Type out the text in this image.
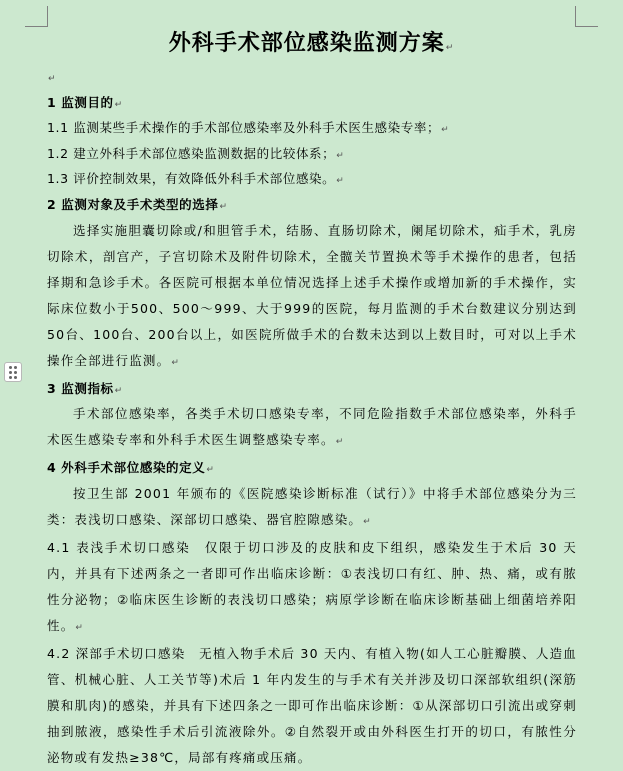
外科手术部位感染监测方案↵
↵
1 监测目的↵
1.1 监测某些手术操作的手术部位感染率及外科手术医生感染专率；↵
1.2 建立外科手术部位感染监测数据的比较体系；↵
1.3 评价控制效果，有效降低外科手术部位感染。↵
2 监测对象及手术类型的选择↵
选择实施胆囊切除或/和胆管手术，结肠、直肠切除术，阑尾切除术，疝手术，乳房切除术，剖宫产，子宫切除术及附件切除术，全髋关节置换术等手术操作的患者，包括择期和急诊手术。各医院可根据本单位情况选择上述手术操作或增加新的手术操作，实际床位数小于500、500～999、大于999的医院，每月监测的手术台数建议分别达到50台、100台、200台以上，如医院所做手术的台数未达到以上数目时，可对以上手术操作全部进行监测。↵
3 监测指标↵
手术部位感染率，各类手术切口感染专率，不同危险指数手术部位感染率，外科手术医生感染专率和外科手术医生调整感染专率。↵
4 外科手术部位感染的定义↵
按卫生部 2001 年颁布的《医院感染诊断标准（试行）》中将手术部位感染分为三类：表浅切口感染、深部切口感染、器官腔隙感染。↵
4.1 表浅手术切口感染　仅限于切口涉及的皮肤和皮下组织，感染发生于术后 30 天内，并具有下述两条之一者即可作出临床诊断：①表浅切口有红、肿、热、痛，或有脓性分泌物；②临床医生诊断的表浅切口感染；病原学诊断在临床诊断基础上细菌培养阳性。↵
4.2 深部手术切口感染　无植入物手术后 30 天内、有植入物(如人工心脏瓣膜、人造血管、机械心脏、人工关节等)术后 1 年内发生的与手术有关并涉及切口深部软组织(深筋膜和肌肉)的感染，并具有下述四条之一即可作出临床诊断：①从深部切口引流出或穿刺抽到脓液，感染性手术后引流液除外。②自然裂开或由外科医生打开的切口，有脓性分泌物或有发热≥38℃，局部有疼痛或压痛。
